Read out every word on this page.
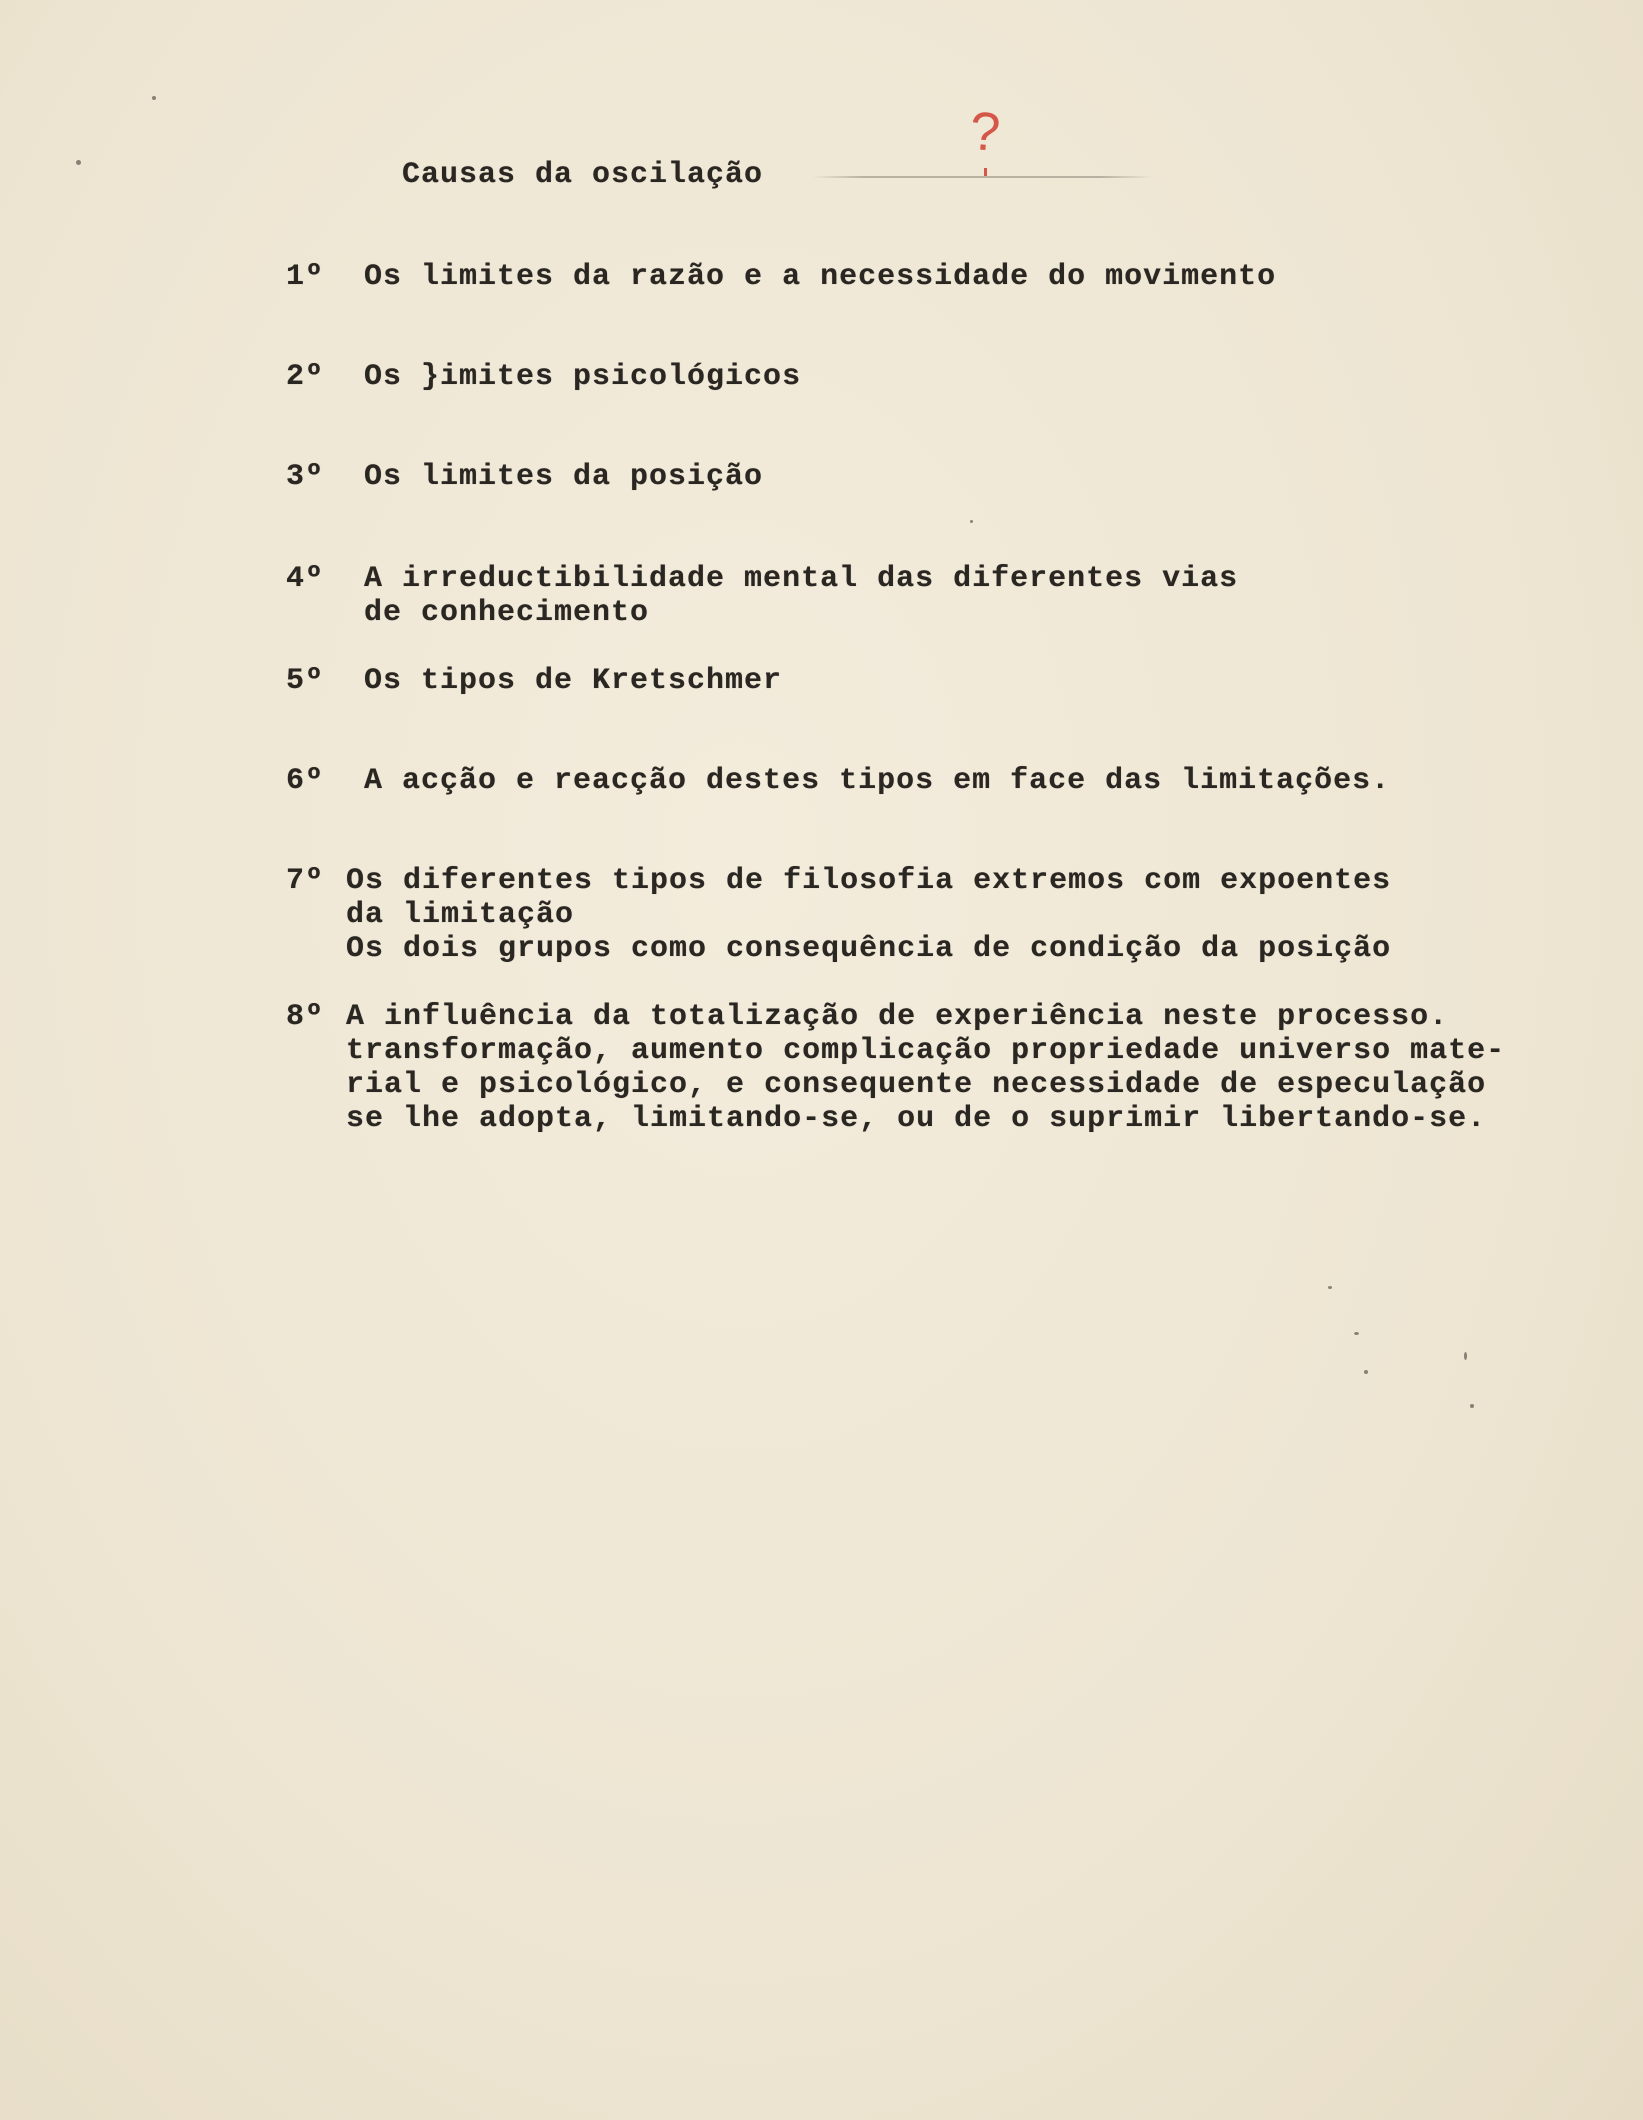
Causas da oscilação
?
1º Os limites da razão e a necessidade do movimento
2º Os }imites psicológicos
3º Os limites da posição
4º A irreductibilidade mental das diferentes vias
de conhecimento
5º Os tipos de Kretschmer
6º A acção e reacção destes tipos em face das limitações.
7º Os diferentes tipos de filosofia extremos com expoentes
da limitação
Os dois grupos como consequência de condição da posição
8º A influência da totalização de experiência neste processo.
transformação, aumento complicação propriedade universo mate-
rial e psicológico, e consequente necessidade de especulação
se lhe adopta, limitando-se, ou de o suprimir libertando-se.
